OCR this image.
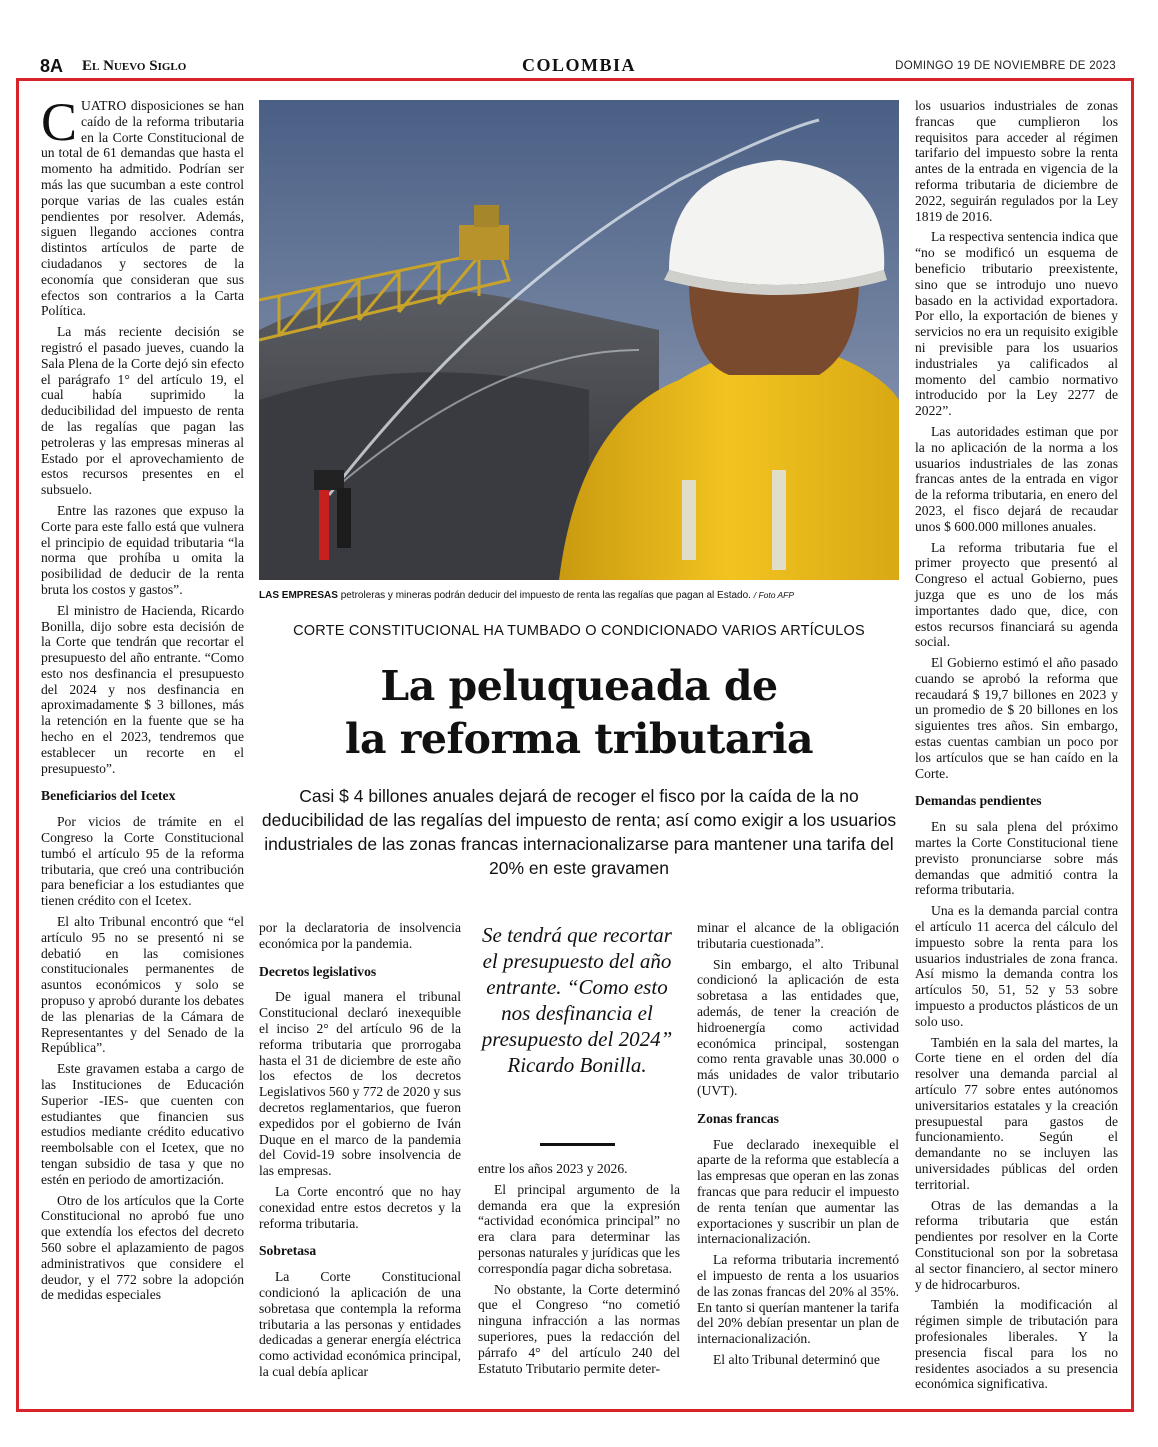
8A El Nuevo Siglo	COLOMBIA	DOMINGO 19 DE NOVIEMBRE DE 2023

CUATRO disposiciones se han caído de la reforma tributaria en la Corte Constitucional de un total de 61 demandas que hasta el momento ha admitido. Podrían ser más las que sucumban a este control porque varias de las cuales están pendientes por resolver. Además, siguen llegando acciones contra distintos artículos de parte de ciudadanos y sectores de la economía que consideran que sus efectos son contrarios a la Carta Política.

La más reciente decisión se registró el pasado jueves, cuando la Sala Plena de la Corte dejó sin efecto el parágrafo 1° del artículo 19, el cual había suprimido la deducibilidad del impuesto de renta de las regalías que pagan las petroleras y las empresas mineras al Estado por el aprovechamiento de estos recursos presentes en el subsuelo.

Entre las razones que expuso la Corte para este fallo está que vulnera el principio de equidad tributaria “la norma que prohíba u omita la posibilidad de deducir de la renta bruta los costos y gastos”.

El ministro de Hacienda, Ricardo Bonilla, dijo sobre esta decisión de la Corte que tendrán que recortar el presupuesto del año entrante. “Como esto nos desfinancia el presupuesto del 2024 y nos desfinancia en aproximadamente $ 3 billones, más la retención en la fuente que se ha hecho en el 2023, tendremos que establecer un recorte en el presupuesto”.

Beneficiarios del Icetex

Por vicios de trámite en el Congreso la Corte Constitucional tumbó el artículo 95 de la reforma tributaria, que creó una contribución para beneficiar a los estudiantes que tienen crédito con el Icetex.

El alto Tribunal encontró que “el artículo 95 no se presentó ni se debatió en las comisiones constitucionales permanentes de asuntos económicos y solo se propuso y aprobó durante los debates de las plenarias de la Cámara de Representantes y del Senado de la República”.

Este gravamen estaba a cargo de las Instituciones de Educación Superior -IES- que cuenten con estudiantes que financien sus estudios mediante crédito educativo reembolsable con el Icetex, que no tengan subsidio de tasa y que no estén en periodo de amortización.

Otro de los artículos que la Corte Constitucional no aprobó fue uno que extendía los efectos del decreto 560 sobre el aplazamiento de pagos administrativos que considere el deudor, y el 772 sobre la adopción de medidas especiales

LAS EMPRESAS petroleras y mineras podrán deducir del impuesto de renta las regalías que pagan al Estado. / Foto AFP
CORTE CONSTITUCIONAL HA TUMBADO O CONDICIONADO VARIOS ARTÍCULOS
La peluqueada de
la reforma tributaria
Casi $ 4 billones anuales dejará de recoger el fisco por la caída de la no deducibilidad de las regalías del impuesto de renta; así como exigir a los usuarios industriales de las zonas francas internacionalizarse para mantener una tarifa del 20% en este gravamen

por la declaratoria de insolvencia económica por la pandemia.

Decretos legislativos

De igual manera el tribunal Constitucional declaró inexequible el inciso 2° del artículo 96 de la reforma tributaria que prorrogaba hasta el 31 de diciembre de este año los efectos de los decretos Legislativos 560 y 772 de 2020 y sus decretos reglamentarios, que fueron expedidos por el gobierno de Iván Duque en el marco de la pandemia del Covid-19 sobre insolvencia de las empresas.

La Corte encontró que no hay conexidad entre estos decretos y la reforma tributaria.

Sobretasa

La Corte Constitucional condicionó la aplicación de una sobretasa que contempla la reforma tributaria a las personas y entidades dedicadas a generar energía eléctrica como actividad económica principal, la cual debía aplicar

Se tendrá que recortar el presupuesto del año entrante. “Como esto nos desfinancia el presupuesto del 2024” Ricardo Bonilla.

entre los años 2023 y 2026.

El principal argumento de la demanda era que la expresión “actividad económica principal” no era clara para determinar las personas naturales y jurídicas que les correspondía pagar dicha sobretasa.

No obstante, la Corte determinó que el Congreso “no cometió ninguna infracción a las normas superiores, pues la redacción del párrafo 4° del artículo 240 del Estatuto Tributario permite deter-

minar el alcance de la obligación tributaria cuestionada”.

Sin embargo, el alto Tribunal condicionó la aplicación de esta sobretasa a las entidades que, además, de tener la creación de hidroenergía como actividad económica principal, sostengan como renta gravable unas 30.000 o más unidades de valor tributario (UVT).

Zonas francas

Fue declarado inexequible el aparte de la reforma que establecía a las empresas que operan en las zonas francas que para reducir el impuesto de renta tenían que aumentar las exportaciones y suscribir un plan de internacionalización.

La reforma tributaria incrementó el impuesto de renta a los usuarios de las zonas francas del 20% al 35%. En tanto si querían mantener la tarifa del 20% debían presentar un plan de internacionalización.

El alto Tribunal determinó que

los usuarios industriales de zonas francas que cumplieron los requisitos para acceder al régimen tarifario del impuesto sobre la renta antes de la entrada en vigencia de la reforma tributaria de diciembre de 2022, seguirán regulados por la Ley 1819 de 2016.

La respectiva sentencia indica que “no se modificó un esquema de beneficio tributario preexistente, sino que se introdujo uno nuevo basado en la actividad exportadora. Por ello, la exportación de bienes y servicios no era un requisito exigible ni previsible para los usuarios industriales ya calificados al momento del cambio normativo introducido por la Ley 2277 de 2022”.

Las autoridades estiman que por la no aplicación de la norma a los usuarios industriales de las zonas francas antes de la entrada en vigor de la reforma tributaria, en enero del 2023, el fisco dejará de recaudar unos $ 600.000 millones anuales.

La reforma tributaria fue el primer proyecto que presentó al Congreso el actual Gobierno, pues juzga que es uno de los más importantes dado que, dice, con estos recursos financiará su agenda social.

El Gobierno estimó el año pasado cuando se aprobó la reforma que recaudará $ 19,7 billones en 2023 y un promedio de $ 20 billones en los siguientes tres años. Sin embargo, estas cuentas cambian un poco por los artículos que se han caído en la Corte.

Demandas pendientes

En su sala plena del próximo martes la Corte Constitucional tiene previsto pronunciarse sobre más demandas que admitió contra la reforma tributaria.

Una es la demanda parcial contra el artículo 11 acerca del cálculo del impuesto sobre la renta para los usuarios industriales de zona franca. Así mismo la demanda contra los artículos 50, 51, 52 y 53 sobre impuesto a productos plásticos de un solo uso.

También en la sala del martes, la Corte tiene en el orden del día resolver una demanda parcial al artículo 77 sobre entes autónomos universitarios estatales y la creación presupuestal para gastos de funcionamiento. Según el demandante no se incluyen las universidades públicas del orden territorial.

Otras de las demandas a la reforma tributaria que están pendientes por resolver en la Corte Constitucional son por la sobretasa al sector financiero, al sector minero y de hidrocarburos.

También la modificación al régimen simple de tributación para profesionales liberales. Y la presencia fiscal para los no residentes asociados a su presencia económica significativa.
